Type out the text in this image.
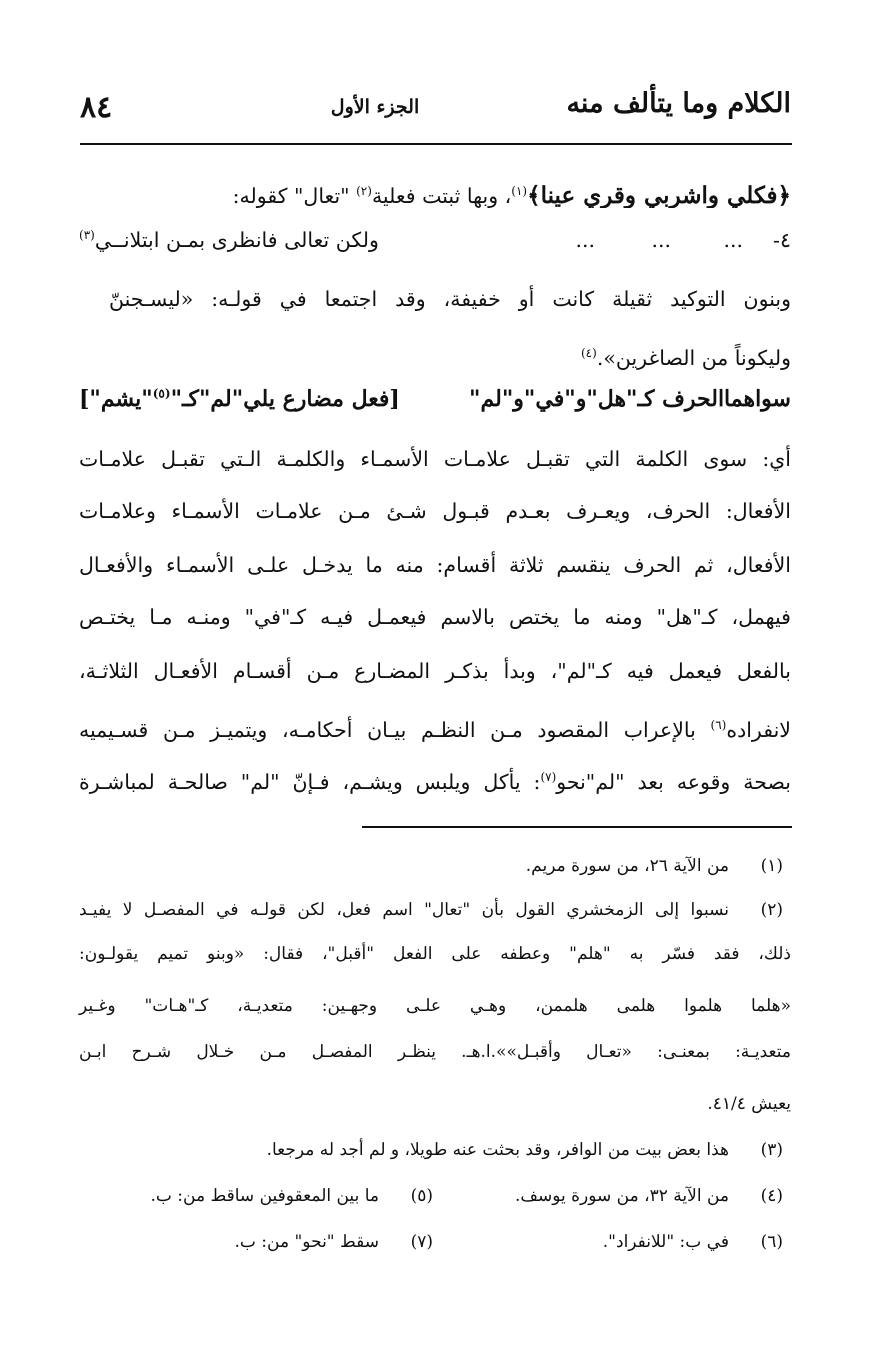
الكلام وما يتألف منه
الجزء الأول
٨٤
﴿فكلي واشربي وقري عينا﴾$^{(١)}$، وبها ثبتت فعلية$^{(٢)}$ "تعال" كقوله:
٤-
...
...
...
ولكن تعالى فانظرى بمـن ابتلانــي$^{(٣)}$
وبنون التوكيد ثقيلة كانت أو خفيفة، وقد اجتمعا في قولـه: «ليسـجننّ
وليكوناً من الصاغرين».$^{(٤)}$
سواهماالحرف كـ"هل"و"في"و"لم"
[فعل مضارع يلي"لم"كـ"$^{(٥)}$"يشم"]
أي: سوى الكلمة التي تقبـل علامـات الأسمـاء والكلمـة الـتي تقبـل علامـات
الأفعال: الحرف، ويعـرف بعـدم قبـول شـئ مـن علامـات الأسمـاء وعلامـات
الأفعال، ثم الحرف ينقسم ثلاثة أقسام: منه ما يدخـل علـى الأسمـاء والأفعـال
فيهمل، كـ"هل" ومنه ما يختص بالاسم فيعمـل فيـه كـ"في" ومنـه مـا يختـص
بالفعل فيعمل فيه كـ"لم"، وبدأ بذكـر المضـارع مـن أقسـام الأفعـال الثلاثـة،
لانفراده$^{(٦)}$ بالإعراب المقصود مـن النظـم بيـان أحكامـه، ويتميـز مـن قسـيميه
بصحة وقوعه بعد "لم"نحو$^{(٧)}$: يأكل ويلبس ويشـم، فـإنّ "لم" صالحـة لمباشـرة
(١)
من الآية ٢٦، من سورة مريم.
(٢)
نسبوا إلى الزمخشري القول بأن "تعال" اسم فعل، لكن قولـه في المفصـل لا يفيـد
ذلك، فقد فسّر به "هلم" وعطفه على الفعل "أقبل"، فقال: «وبنو تميم يقولـون:
«هلما هلموا هلمى هلممن، وهـي علـى وجهـين: متعديـة، كـ"هـات" وغـير
متعديـة: بمعنـى: «تعـال وأقبـل»».ا.هـ. ينظـر المفصـل مـن خـلال شـرح ابـن
يعيش ٤١/٤.
(٣)
هذا بعض بيت من الوافر، وقد بحثت عنه طويلا، و لم أجد له مرجعا.
(٤)
من الآية ٣٢، من سورة يوسف.
(٥)
ما بين المعقوفين ساقط من: ب.
(٦)
في ب: "للانفراد".
(٧)
سقط "نحو" من: ب.
